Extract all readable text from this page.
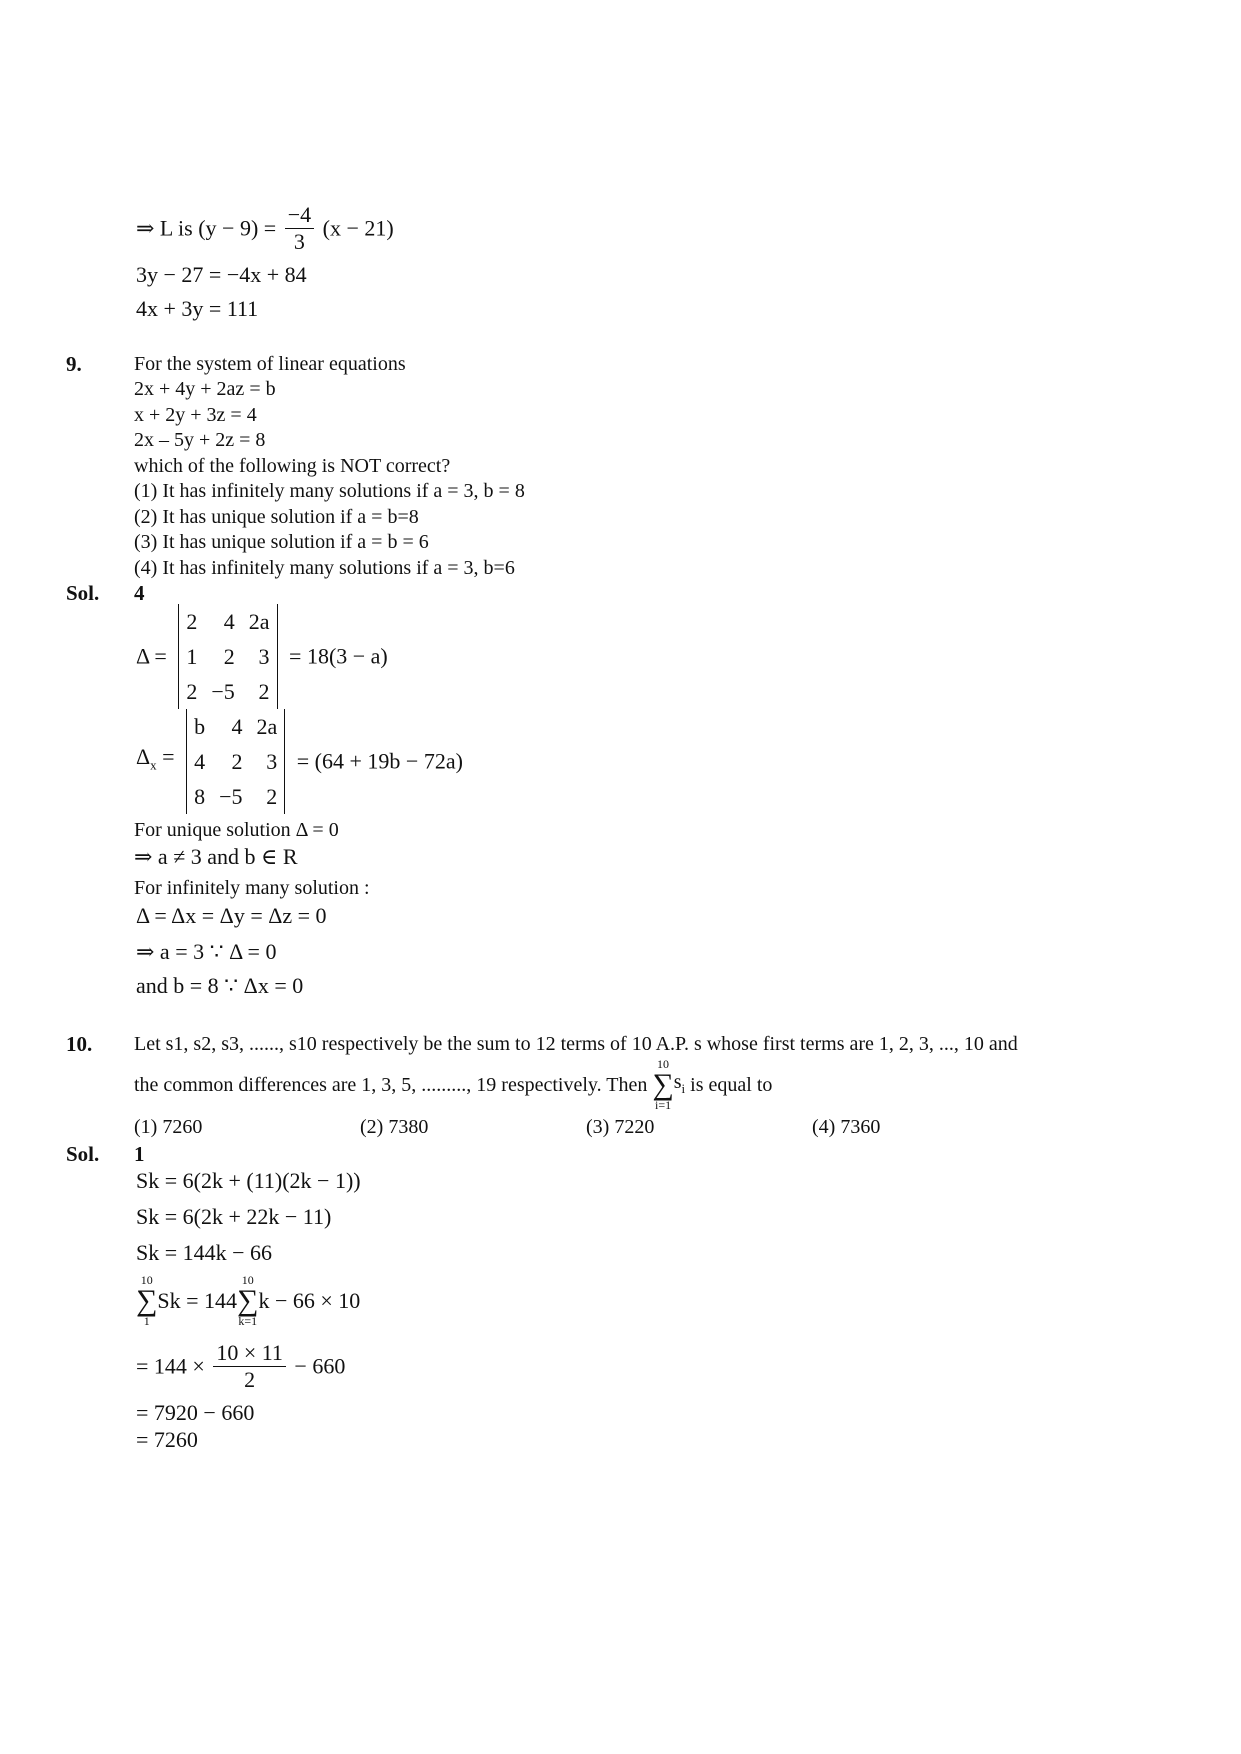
⇒ L is $(y - 9) = \frac{-4}{3} (x - 21)$
3y − 27 = −4x + 84
4x + 3y = 111
9.	For the system of linear equations
2x + 4y + 2az = b
x + 2y + 3z = 4
2x – 5y + 2z = 8
which of the following is NOT correct?
(1) It has infinitely many solutions if a = 3, b = 8
(2) It has unique solution if a = b=8
(3) It has unique solution if a = b = 6
(4) It has infinitely many solutions if a = 3, b=6
Sol. 4
Δ =
2	4	2a
1	2	3
2	−5	2
= 18(3 − a)
$\Delta_x$ =
b	4	2a
4	2	3
8	−5	2
= (64 + 19b − 72a)
For unique solution Δ = 0
⇒ a ≠ 3 and b ∈ R
For infinitely many solution :
Δ = Δx = Δy = Δz = 0
⇒ a = 3 ∵ Δ = 0
and b = 8 ∵ Δx = 0
10. Let s1, s2, s3, ......, s10 respectively be the sum to 12 terms of 10 A.P. s whose first terms are 1, 2, 3, ..., 10 and
the common differences are 1, 3, 5, ........., 19 respectively. Then
10
∑
i=1
$s_i$ is equal to
(1) 7260	(2) 7380	(3) 7220	(4) 7360
Sol. 1
Sk = 6(2k + (11)(2k − 1))
Sk = 6(2k + 22k − 11)
Sk = 144k − 66
10
∑
1
Sk = 144
10
∑
k=1
k − 66 × 10
= $144 \times \frac{10 \times 11}{2} - 660$
= 7920 − 660
= 7260
